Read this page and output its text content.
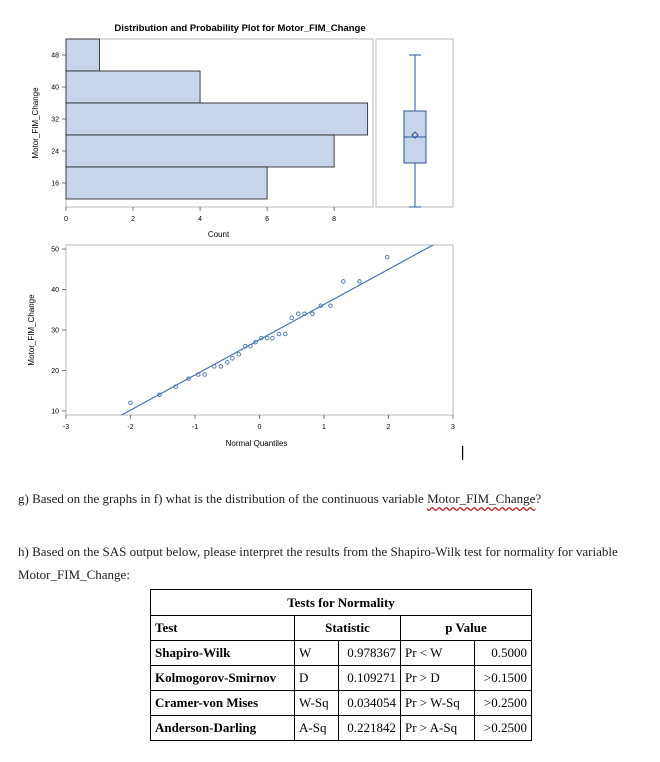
Distribution and Probability Plot for Motor_FIM_Change
48
40
32
24
16
0	2	4	6	8
Count
Motor_FIM_Change
50
40
30
20
10
-3	-2	-1	0	1	2	3
Normal Quantiles
Motor_FIM_Change
g) Based on the graphs in f) what is the distribution of the continuous variable Motor_FIM_Change?
h) Based on the SAS output below, please interpret the results from the Shapiro-Wilk test for normality for variable Motor_FIM_Change:
Tests for Normality				
Test	Statistic		p Value	
Shapiro-Wilk	W	0.978367	Pr < W	0.5000
Kolmogorov-Smirnov	D	0.109271	Pr > D	>0.1500
Cramer-von Mises	W-Sq	0.034054	Pr > W-Sq	>0.2500
Anderson-Darling	A-Sq	0.221842	Pr > A-Sq	>0.2500
